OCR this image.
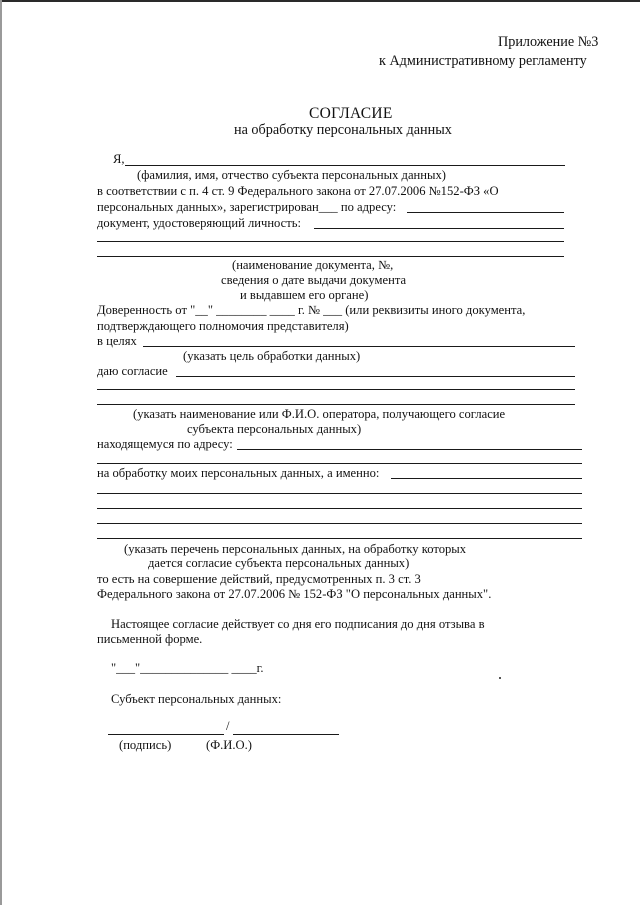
Приложение №3
к Административному регламенту
СОГЛАСИЕ
на обработку персональных данных
Я,
(фамилия, имя, отчество субъекта персональных данных)
в соответствии с п. 4 ст. 9 Федерального закона от 27.07.2006 №152-ФЗ «О
персональных данных», зарегистрирован___ по адресу:
документ, удостоверяющий личность:
(наименование документа, №,
сведения о дате выдачи документа
и выдавшем его органе)
Доверенность от "__" ________ ____ г. № ___ (или реквизиты иного документа,
подтверждающего полномочия представителя)
в целях
(указать цель обработки данных)
даю согласие
(указать наименование или Ф.И.О. оператора, получающего согласие
субъекта персональных данных)
находящемуся по адресу:
на обработку моих персональных данных, а именно:
(указать перечень персональных данных, на обработку которых
дается согласие субъекта персональных данных)
то есть на совершение действий, предусмотренных п. 3 ст. 3
Федерального закона от 27.07.2006 № 152-ФЗ "О персональных данных".
Настоящее согласие действует со дня его подписания до дня отзыва в
письменной форме.
"___"______________ ____г.
Субъект персональных данных:
/
(подпись)	(Ф.И.О.)
